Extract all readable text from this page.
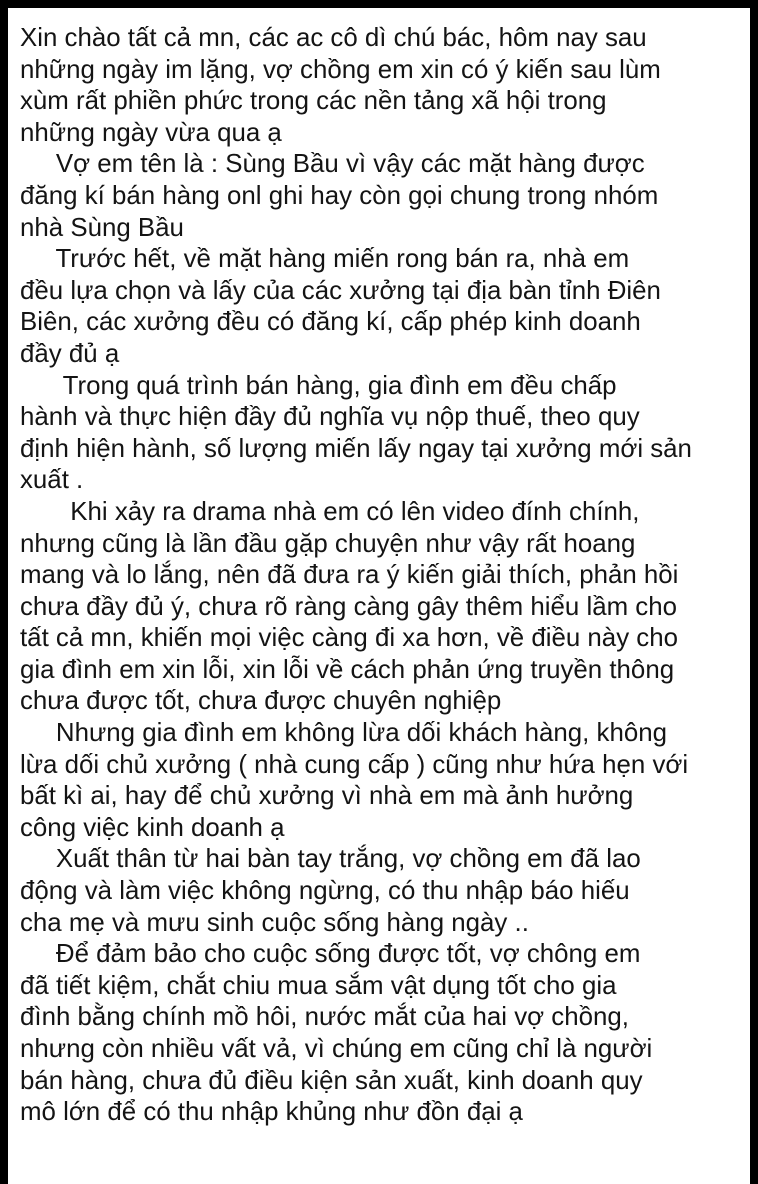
Xin chào tất cả mn, các ac cô dì chú bác, hôm nay sau
những ngày im lặng, vợ chồng em xin có ý kiến sau lùm
xùm rất phiền phức trong các nền tảng xã hội trong
những ngày vừa qua ạ
Vợ em tên là : Sùng Bầu vì vậy các mặt hàng được
đăng kí bán hàng onl ghi hay còn gọi chung trong nhóm
nhà Sùng Bầu
Trước hết, về mặt hàng miến rong bán ra, nhà em
đều lựa chọn và lấy của các xưởng tại địa bàn tỉnh Điên
Biên, các xưởng đều có đăng kí, cấp phép kinh doanh
đầy đủ ạ
Trong quá trình bán hàng, gia đình em đều chấp
hành và thực hiện đầy đủ nghĩa vụ nộp thuế, theo quy
định hiện hành, số lượng miến lấy ngay tại xưởng mới sản
xuất .
Khi xảy ra drama nhà em có lên video đính chính,
nhưng cũng là lần đầu gặp chuyện như vậy rất hoang
mang và lo lắng, nên đã đưa ra ý kiến giải thích, phản hồi
chưa đầy đủ ý, chưa rõ ràng càng gây thêm hiểu lầm cho
tất cả mn, khiến mọi việc càng đi xa hơn, về điều này cho
gia đình em xin lỗi, xin lỗi về cách phản ứng truyền thông
chưa được tốt, chưa được chuyên nghiệp
Nhưng gia đình em không lừa dối khách hàng, không
lừa dối chủ xưởng ( nhà cung cấp ) cũng như hứa hẹn với
bất kì ai, hay để chủ xưởng vì nhà em mà ảnh hưởng
công việc kinh doanh ạ
Xuất thân từ hai bàn tay trắng, vợ chồng em đã lao
động và làm việc không ngừng, có thu nhập báo hiếu
cha mẹ và mưu sinh cuộc sống hàng ngày ..
Để đảm bảo cho cuộc sống được tốt, vợ chông em
đã tiết kiệm, chắt chiu mua sắm vật dụng tốt cho gia
đình bằng chính mồ hôi, nước mắt của hai vợ chồng,
nhưng còn nhiều vất vả, vì chúng em cũng chỉ là người
bán hàng, chưa đủ điều kiện sản xuất, kinh doanh quy
mô lớn để có thu nhập khủng như đồn đại ạ
